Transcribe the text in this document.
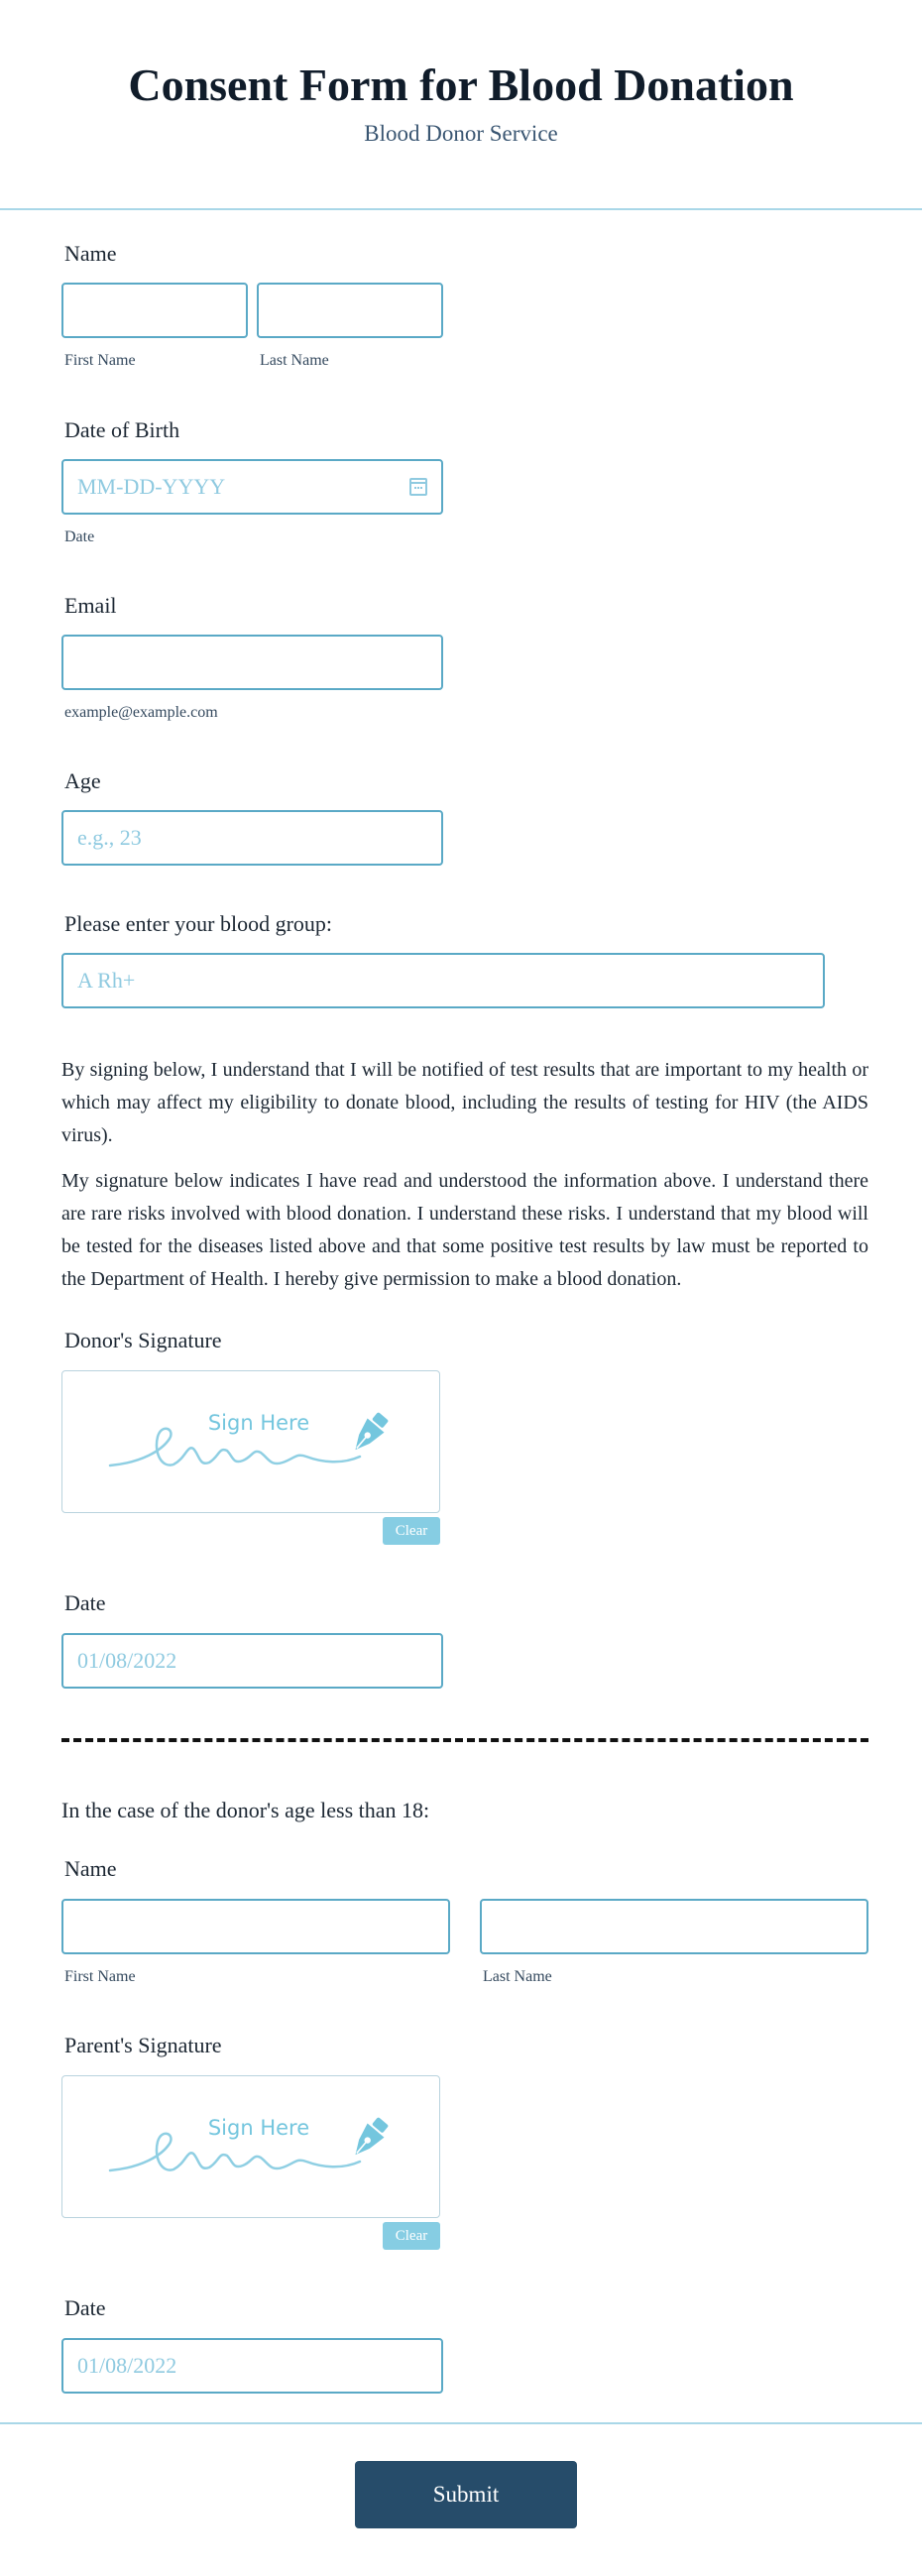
Consent Form for Blood Donation
Blood Donor Service
Name
First Name	Last Name
Date of Birth
MM-DD-YYYY
Date
Email
example@example.com
Age
e.g., 23
Please enter your blood group:
A Rh+

By signing below, I understand that I will be notified of test results that are important to my health or which may affect my eligibility to donate blood, including the results of testing for HIV (the AIDS virus).

My signature below indicates I have read and understood the information above. I understand there are rare risks involved with blood donation. I understand these risks. I understand that my blood will be tested for the diseases listed above and that some positive test results by law must be reported to the Department of Health. I hereby give permission to make a blood donation.

Donor's Signature
Sign Here
Clear
Date
01/08/2022
In the case of the donor's age less than 18:
Name
First Name	Last Name
Parent's Signature
Sign Here
Clear
Date
01/08/2022
Submit
